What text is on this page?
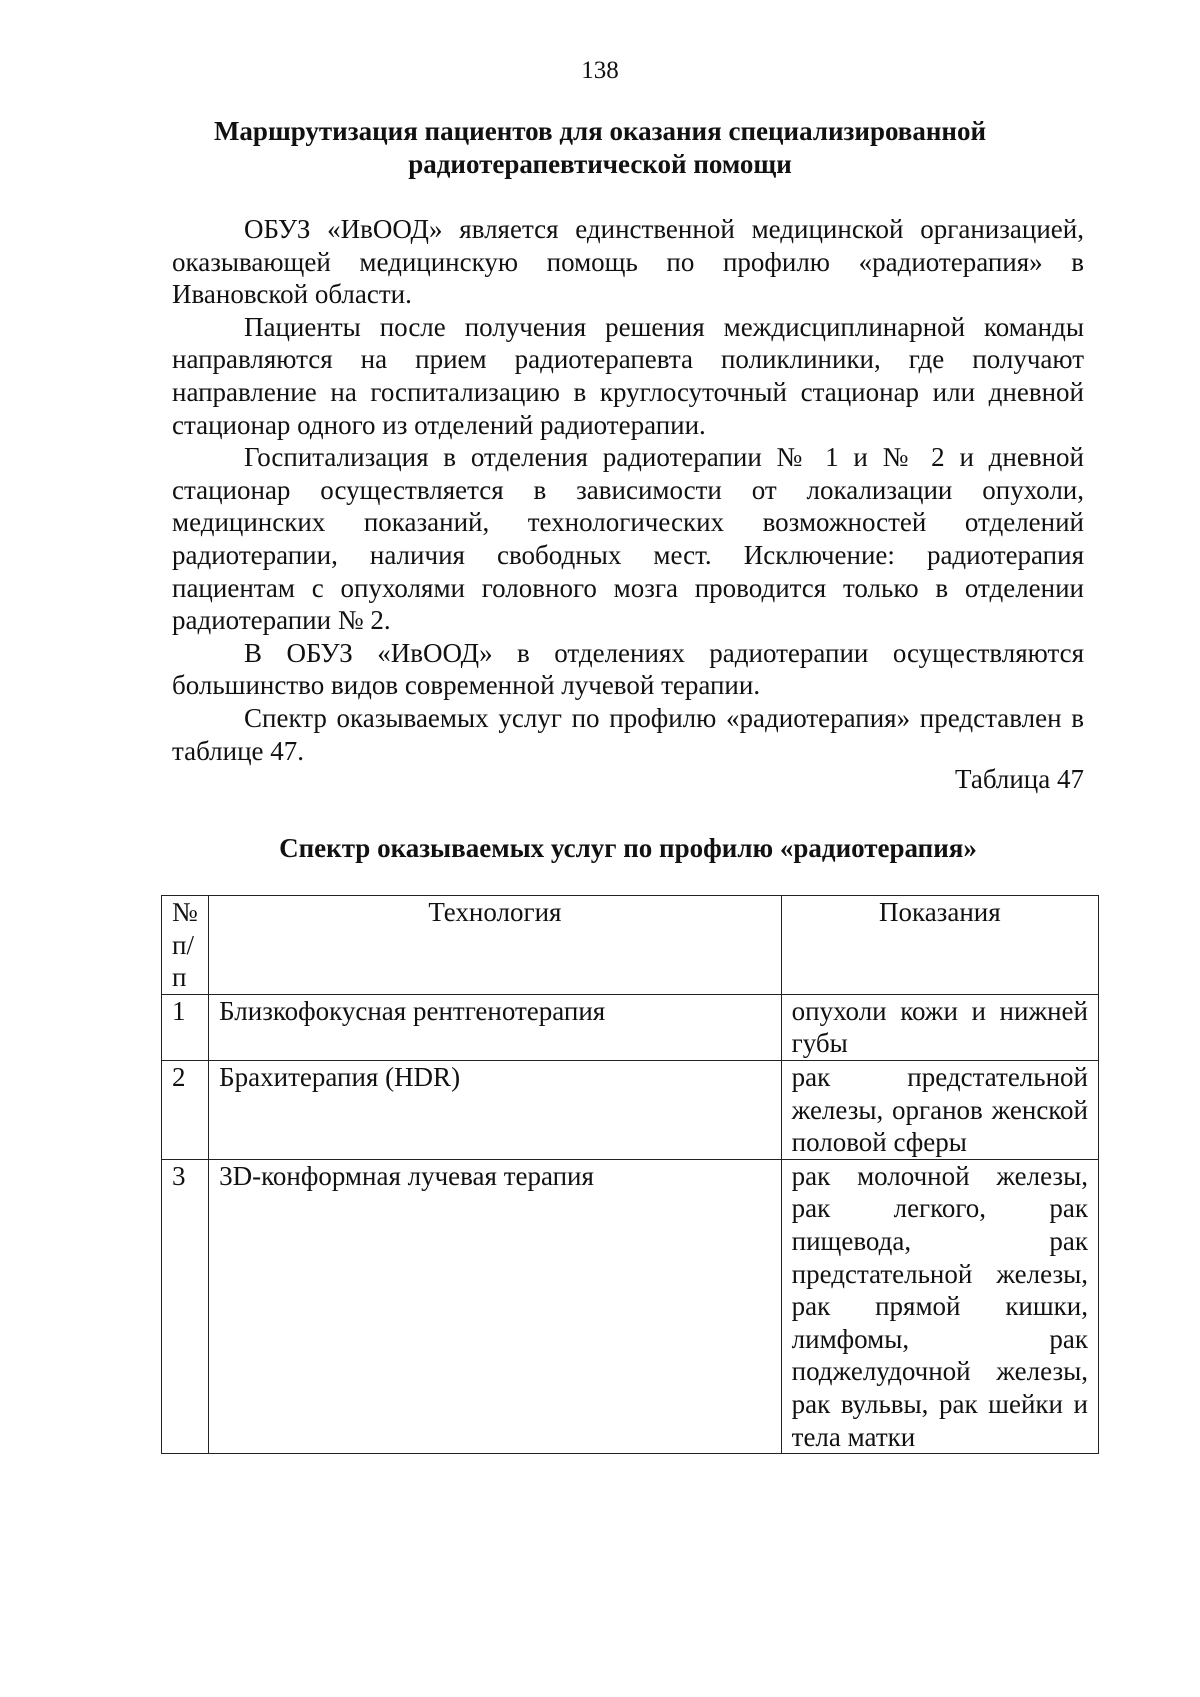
138
Маршрутизация пациентов для оказания специализированной
радиотерапевтической помощи

ОБУЗ «ИвООД» является единственной медицинской организацией, оказывающей медицинскую помощь по профилю «радиотерапия» в Ивановской области.

Пациенты после получения решения междисциплинарной команды направляются на прием радиотерапевта поликлиники, где получают направление на госпитализацию в круглосуточный стационар или дневной стационар одного из отделений радиотерапии.

Госпитализация в отделения радиотерапии № 1 и № 2 и дневной стационар осуществляется в зависимости от локализации опухоли, медицинских показаний, технологических возможностей отделений радиотерапии, наличия свободных мест. Исключение: радиотерапия пациентам с опухолями головного мозга проводится только в отделении радиотерапии № 2.

В ОБУЗ «ИвООД» в отделениях радиотерапии осуществляются большинство видов современной лучевой терапии.

Спектр оказываемых услуг по профилю «радиотерапия» представлен в таблице 47.

Таблица 47
Спектр оказываемых услуг по профилю «радиотерапия»
№ п/п	Технология	Показания
1	Близкофокусная рентгенотерапия	опухоли кожи и нижней губы
2	Брахитерапия (HDR)	рак предстательной железы, органов женской половой сферы
3	3D-конформная лучевая терапия	рак молочной железы, рак легкого, рак пищевода, рак предстательной железы, рак прямой кишки, лимфомы, рак поджелудочной железы, рак вульвы, рак шейки и тела матки
